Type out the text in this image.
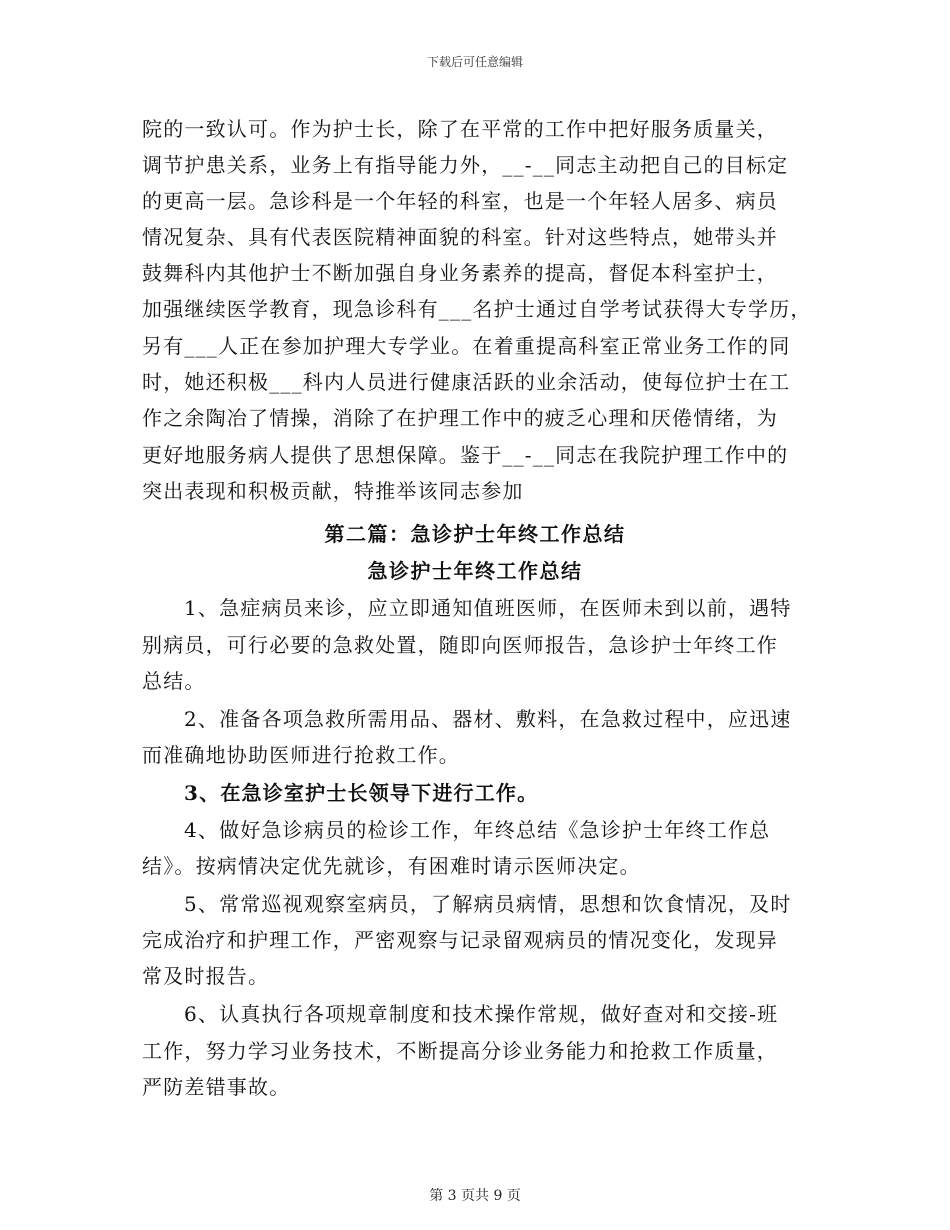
下载后可任意编辑
院的一致认可。作为护士长，除了在平常的工作中把好服务质量关，
调节护患关系，业务上有指导能力外，__-__同志主动把自己的目标定
的更高一层。急诊科是一个年轻的科室，也是一个年轻人居多、病员
情况复杂、具有代表医院精神面貌的科室。针对这些特点，她带头并
鼓舞科内其他护士不断加强自身业务素养的提高，督促本科室护士，
加强继续医学教育，现急诊科有___名护士通过自学考试获得大专学历，
另有___人正在参加护理大专学业。在着重提高科室正常业务工作的同
时，她还积极___科内人员进行健康活跃的业余活动，使每位护士在工
作之余陶冶了情操，消除了在护理工作中的疲乏心理和厌倦情绪，为
更好地服务病人提供了思想保障。鉴于__-__同志在我院护理工作中的
突出表现和积极贡献，特推举该同志参加
第二篇：急诊护士年终工作总结
急诊护士年终工作总结
1、急症病员来诊，应立即通知值班医师，在医师未到以前，遇特
别病员，可行必要的急救处置，随即向医师报告，急诊护士年终工作
总结。
2、准备各项急救所需用品、器材、敷料，在急救过程中，应迅速
而准确地协助医师进行抢救工作。
3、在急诊室护士长领导下进行工作。
4、做好急诊病员的检诊工作，年终总结《急诊护士年终工作总
结》。按病情决定优先就诊，有困难时请示医师决定。
5、常常巡视观察室病员，了解病员病情，思想和饮食情况，及时
完成治疗和护理工作，严密观察与记录留观病员的情况变化，发现异
常及时报告。
6、认真执行各项规章制度和技术操作常规，做好查对和交接-班
工作，努力学习业务技术，不断提高分诊业务能力和抢救工作质量，
严防差错事故。
第 3 页共 9 页
